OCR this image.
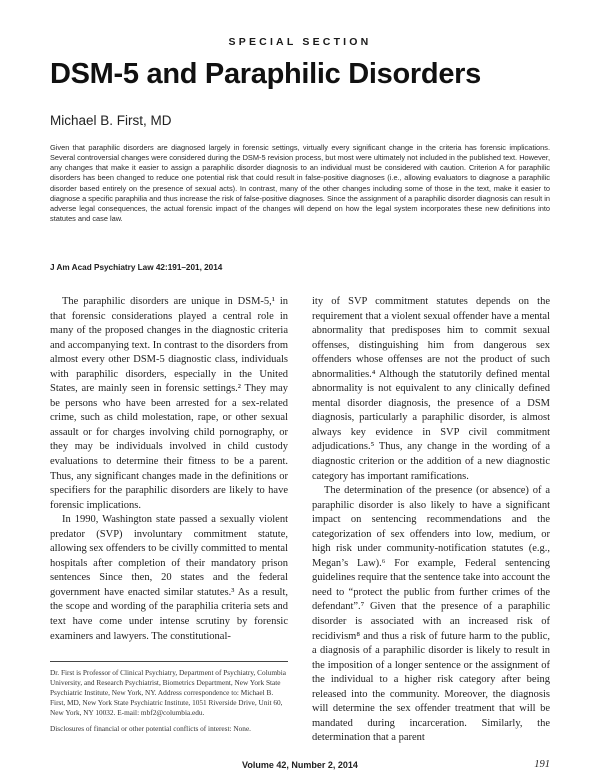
SPECIAL SECTION
DSM-5 and Paraphilic Disorders
Michael B. First, MD

Given that paraphilic disorders are diagnosed largely in forensic settings, virtually every significant change in the criteria has forensic implications. Several controversial changes were considered during the DSM-5 revision process, but most were ultimately not included in the published text. However, any changes that make it easier to assign a paraphilic disorder diagnosis to an individual must be considered with caution. Criterion A for paraphilic disorders has been changed to reduce one potential risk that could result in false-positive diagnoses (i.e., allowing evaluators to diagnose a paraphilic disorder based entirely on the presence of sexual acts). In contrast, many of the other changes including some of those in the text, make it easier to diagnose a specific paraphilia and thus increase the risk of false-positive diagnoses. Since the assignment of a paraphilic disorder diagnosis can result in adverse legal consequences, the actual forensic impact of the changes will depend on how the legal system incorporates these new definitions into statutes and case law.

J Am Acad Psychiatry Law 42:191–201, 2014

The paraphilic disorders are unique in DSM-5,¹ in that forensic considerations played a central role in many of the proposed changes in the diagnostic criteria and accompanying text. In contrast to the disorders from almost every other DSM-5 diagnostic class, individuals with paraphilic disorders, especially in the United States, are mainly seen in forensic settings.² They may be persons who have been arrested for a sex-related crime, such as child molestation, rape, or other sexual assault or for charges involving child pornography, or they may be individuals involved in child custody evaluations to determine their fitness to be a parent. Thus, any significant changes made in the definitions or specifiers for the paraphilic disorders are likely to have forensic implications.

In 1990, Washington state passed a sexually violent predator (SVP) involuntary commitment statute, allowing sex offenders to be civilly committed to mental hospitals after completion of their mandatory prison sentences Since then, 20 states and the federal government have enacted similar statutes.³ As a result, the scope and wording of the paraphilia criteria sets and text have come under intense scrutiny by forensic examiners and lawyers. The constitutional-

Dr. First is Professor of Clinical Psychiatry, Department of Psychiatry, Columbia University, and Research Psychiatrist, Biometrics Department, New York State Psychiatric Institute, New York, NY. Address correspondence to: Michael B. First, MD, New York State Psychiatric Institute, 1051 Riverside Drive, Unit 60, New York, NY 10032. E-mail: mbf2@columbia.edu.

Disclosures of financial or other potential conflicts of interest: None.

ity of SVP commitment statutes depends on the requirement that a violent sexual offender have a mental abnormality that predisposes him to commit sexual offenses, distinguishing him from dangerous sex offenders whose offenses are not the product of such abnormalities.⁴ Although the statutorily defined mental abnormality is not equivalent to any clinically defined mental disorder diagnosis, the presence of a DSM diagnosis, particularly a paraphilic disorder, is almost always key evidence in SVP civil commitment adjudications.⁵ Thus, any change in the wording of a diagnostic criterion or the addition of a new diagnostic category has important ramifications.

The determination of the presence (or absence) of a paraphilic disorder is also likely to have a significant impact on sentencing recommendations and the categorization of sex offenders into low, medium, or high risk under community-notification statutes (e.g., Megan’s Law).⁶ For example, Federal sentencing guidelines require that the sentence take into account the need to “protect the public from further crimes of the defendant”.⁷ Given that the presence of a paraphilic disorder is associated with an increased risk of recidivism⁸ and thus a risk of future harm to the public, a diagnosis of a paraphilic disorder is likely to result in the imposition of a longer sentence or the assignment of the individual to a higher risk category after being released into the community. Moreover, the diagnosis will determine the sex offender treatment that will be mandated during incarceration. Similarly, the determination that a parent

Volume 42, Number 2, 2014	191
